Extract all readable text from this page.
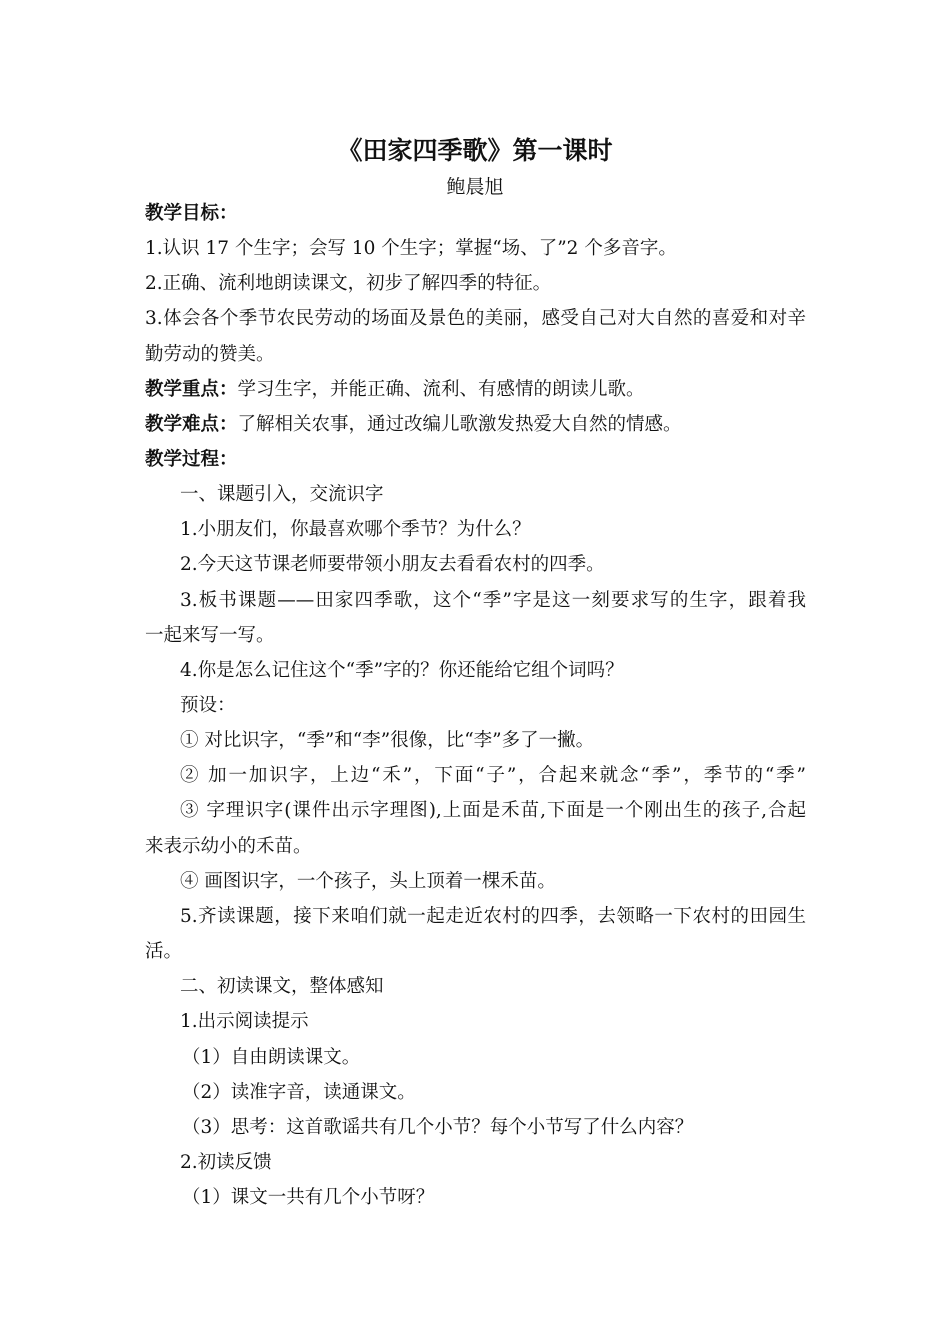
《田家四季歌》第一课时
鲍晨旭
教学目标：
1.认识 17 个生字；会写 10 个生字；掌握“场、了”2 个多音字。
2.正确、流利地朗读课文，初步了解四季的特征。
3.体会各个季节农民劳动的场面及景色的美丽，感受自己对大自然的喜爱和对辛
勤劳动的赞美。
教学重点：学习生字，并能正确、流利、有感情的朗读儿歌。
教学难点：了解相关农事，通过改编儿歌激发热爱大自然的情感。
教学过程：
一、课题引入，交流识字
1.小朋友们，你最喜欢哪个季节？为什么？
2.今天这节课老师要带领小朋友去看看农村的四季。
3.板书课题——田家四季歌，这个“季”字是这一刻要求写的生字，跟着我
一起来写一写。
4.你是怎么记住这个“季”字的？你还能给它组个词吗？
预设：
① 对比识字，“季”和“李”很像，比“李”多了一撇。
② 加一加识字，上边“禾”，下面“子”，合起来就念“季”，季节的“季”
③ 字理识字(课件出示字理图),上面是禾苗,下面是一个刚出生的孩子,合起
来表示幼小的禾苗。
④ 画图识字，一个孩子，头上顶着一棵禾苗。
5.齐读课题，接下来咱们就一起走近农村的四季，去领略一下农村的田园生
活。
二、初读课文，整体感知
1.出示阅读提示
（1）自由朗读课文。
（2）读准字音，读通课文。
（3）思考：这首歌谣共有几个小节？每个小节写了什么内容？
2.初读反馈
（1）课文一共有几个小节呀？
